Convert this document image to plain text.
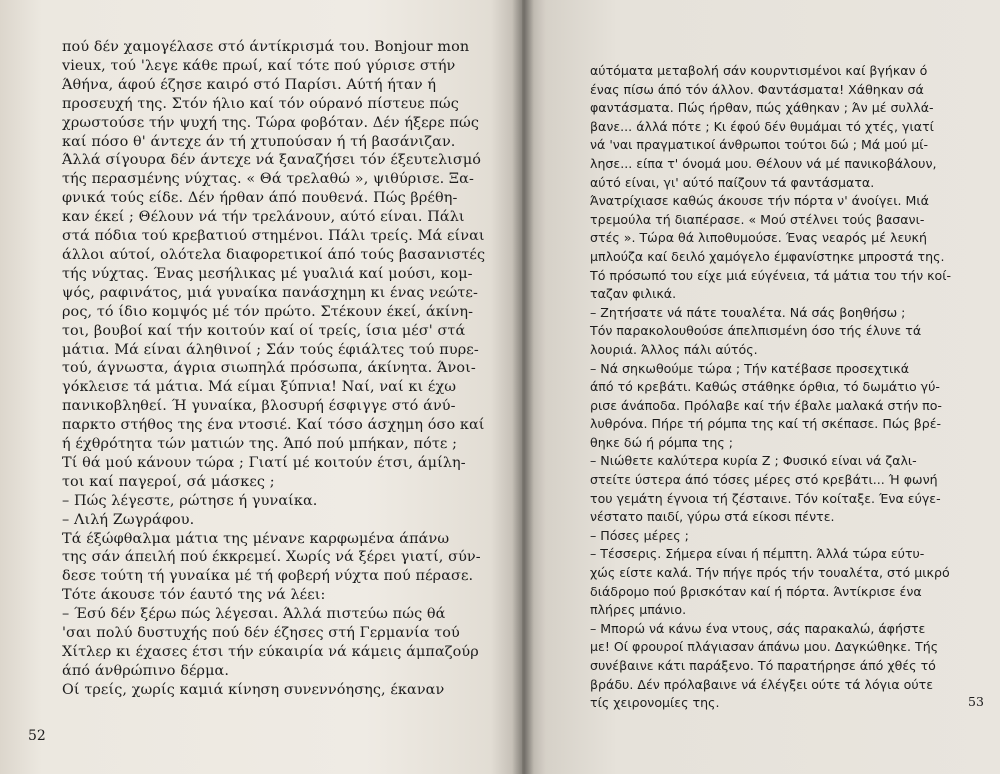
πού δέν χαμογέλασε στό άντίκρισμά του. Bonjour mon
vieux, τού 'λεγε κάθε πρωί, καί τότε πού γύρισε στήν
Άθήνα, άφού έζησε καιρό στό Παρίσι. Αύτή ήταν ή
προσευχή της. Στόν ήλιο καί τόν ούρανό πίστευε πώς
χρωστούσε τήν ψυχή της. Τώρα φοβόταν. Δέν ήξερε πώς
καί πόσο θ' άντεχε άν τή χτυπούσαν ή τή βασάνιζαν.
Άλλά σίγουρα δέν άντεχε νά ξαναζήσει τόν έξευτελισμό
τής περασμένης νύχτας. « Θά τρελαθώ », ψιθύρισε. Ξα-
φνικά τούς είδε. Δέν ήρθαν άπό πουθενά. Πώς βρέθη-
καν έκεί ; Θέλουν νά τήν τρελάνουν, αύτό είναι. Πάλι
στά πόδια τού κρεβατιού στημένοι. Πάλι τρείς. Μά είναι
άλλοι αύτοί, ολότελα διαφορετικοί άπό τούς βασανιστές
τής νύχτας. Ένας μεσήλικας μέ γυαλιά καί μούσι, κομ-
ψός, ραφινάτος, μιά γυναίκα πανάσχημη κι ένας νεώτε-
ρος, τό ίδιο κομψός μέ τόν πρώτο. Στέκουν έκεί, άκίνη-
τοι, βουβοί καί τήν κοιτούν καί οί τρείς, ίσια μέσ' στά
μάτια. Μά είναι άληθινοί ; Σάν τούς έφιάλτες τού πυρε-
τού, άγνωστα, άγρια σιωπηλά πρόσωπα, άκίνητα. Άνοι-
γόκλεισε τά μάτια. Μά είμαι ξύπνια! Ναί, ναί κι έχω
πανικοβληθεί. Ή γυναίκα, βλοσυρή έσφιγγε στό άνύ-
παρκτο στήθος της ένα ντοσιέ. Καί τόσο άσχημη όσο καί
ή έχθρότητα τών ματιών της. Άπό πού μπήκαν, πότε ;
Τί θά μού κάνουν τώρα ; Γιατί μέ κοιτούν έτσι, άμίλη-
τοι καί παγεροί, σά μάσκες ;
– Πώς λέγεστε, ρώτησε ή γυναίκα.
– Λιλή Ζωγράφου.
Τά έξώφθαλμα μάτια της μένανε καρφωμένα άπάνω
της σάν άπειλή πού έκκρεμεί. Χωρίς νά ξέρει γιατί, σύν-
δεσε τούτη τή γυναίκα μέ τή φοβερή νύχτα πού πέρασε.
Τότε άκουσε τόν έαυτό της νά λέει:
– Έσύ δέν ξέρω πώς λέγεσαι. Άλλά πιστεύω πώς θά
'σαι πολύ δυστυχής πού δέν έζησες στή Γερμανία τού
Χίτλερ κι έχασες έτσι τήν εύκαιρία νά κάμεις άμπαζούρ
άπό άνθρώπινο δέρμα.
Οί τρείς, χωρίς καμιά κίνηση συνεννόησης, έκαναν
52
αύτόματα μεταβολή σάν κουρντισμένοι καί βγήκαν ό
ένας πίσω άπό τόν άλλον. Φαντάσματα! Χάθηκαν σά
φαντάσματα. Πώς ήρθαν, πώς χάθηκαν ; Άν μέ συλλά-
βανε... άλλά πότε ; Κι έφού δέν θυμάμαι τό χτές, γιατί
νά 'ναι πραγματικοί άνθρωποι τούτοι δώ ; Μά μού μί-
λησε... είπα τ' όνομά μου. Θέλουν νά μέ πανικοβάλουν,
αύτό είναι, γι' αύτό παίζουν τά φαντάσματα.
Άνατρίχιασε καθώς άκουσε τήν πόρτα ν' άνοίγει. Μιά
τρεμούλα τή διαπέρασε. « Μού στέλνει τούς βασανι-
στές ». Τώρα θά λιποθυμούσε. Ένας νεαρός μέ λευκή
μπλούζα καί δειλό χαμόγελο έμφανίστηκε μπροστά της.
Τό πρόσωπό του είχε μιά εύγένεια, τά μάτια του τήν κοί-
ταζαν φιλικά.
– Ζητήσατε νά πάτε τουαλέτα. Νά σάς βοηθήσω ;
Τόν παρακολουθούσε άπελπισμένη όσο τής έλυνε τά
λουριά. Άλλος πάλι αύτός.
– Νά σηκωθούμε τώρα ; Τήν κατέβασε προσεχτικά
άπό τό κρεβάτι. Καθώς στάθηκε όρθια, τό δωμάτιο γύ-
ρισε άνάποδα. Πρόλαβε καί τήν έβαλε μαλακά στήν πο-
λυθρόνα. Πήρε τή ρόμπα της καί τή σκέπασε. Πώς βρέ-
θηκε δώ ή ρόμπα της ;
– Νιώθετε καλύτερα κυρία Ζ ; Φυσικό είναι νά ζαλι-
στείτε ύστερα άπό τόσες μέρες στό κρεβάτι... Ή φωνή
του γεμάτη έγνοια τή ζέσταινε. Τόν κοίταξε. Ένα εύγε-
νέστατο παιδί, γύρω στά είκοσι πέντε.
– Πόσες μέρες ;
– Τέσσερις. Σήμερα είναι ή πέμπτη. Άλλά τώρα εύτυ-
χώς είστε καλά. Τήν πήγε πρός τήν τουαλέτα, στό μικρό
διάδρομο πού βρισκόταν καί ή πόρτα. Άντίκρισε ένα
πλήρες μπάνιο.
– Μπορώ νά κάνω ένα ντους, σάς παρακαλώ, άφήστε
με! Οί φρουροί πλάγιασαν άπάνω μου. Δαγκώθηκε. Τής
συνέβαινε κάτι παράξενο. Τό παρατήρησε άπό χθές τό
βράδυ. Δέν πρόλαβαινε νά έλέγξει ούτε τά λόγια ούτε
τίς χειρονομίες της.	53
